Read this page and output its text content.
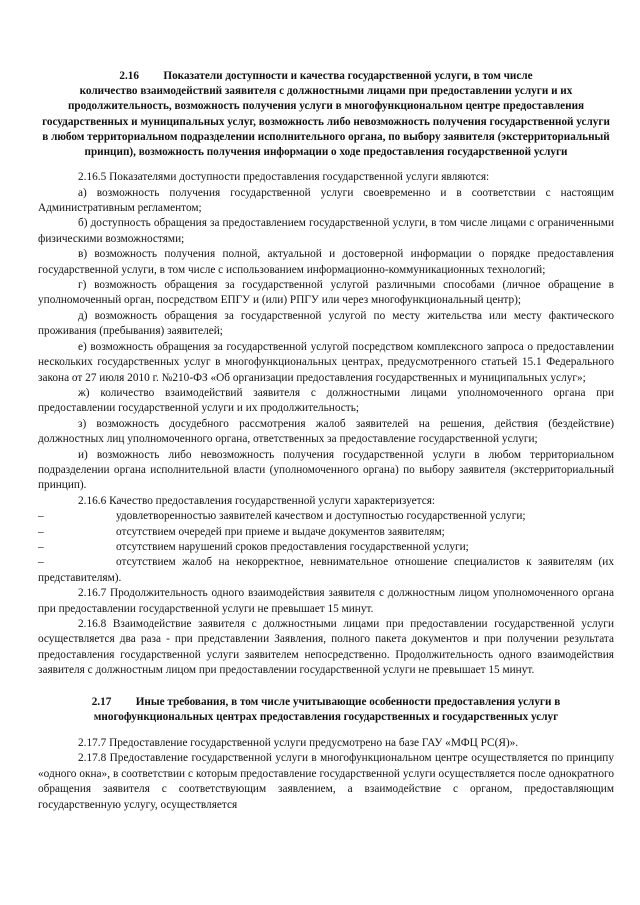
2.16 Показатели доступности и качества государственной услуги, в том числе
количество взаимодействий заявителя с должностными лицами при предоставлении услуги и их продолжительность, возможность получения услуги в многофункциональном центре предоставления государственных и муниципальных услуг, возможность либо невозможность получения государственной услуги в любом территориальном подразделении исполнительного органа, по выбору заявителя (экстерриториальный принцип), возможность получения информации о ходе предоставления государственной услуги

2.16.5 Показателями доступности предоставления государственной услуги являются:

а) возможность получения государственной услуги своевременно и в соответствии с настоящим Административным регламентом;

б) доступность обращения за предоставлением государственной услуги, в том числе лицами с ограниченными физическими возможностями;

в) возможность получения полной, актуальной и достоверной информации о порядке предоставления государственной услуги, в том числе с использованием информационно-коммуникационных технологий;

г) возможность обращения за государственной услугой различными способами (личное обращение в уполномоченный орган, посредством ЕПГУ и (или) РПГУ или через многофункциональный центр);

д) возможность обращения за государственной услугой по месту жительства или месту фактического проживания (пребывания) заявителей;

е) возможность обращения за государственной услугой посредством комплексного запроса о предоставлении нескольких государственных услуг в многофункциональных центрах, предусмотренного статьей 15.1 Федерального закона от 27 июля 2010 г. №210-ФЗ «Об организации предоставления государственных и муниципальных услуг»;

ж) количество взаимодействий заявителя с должностными лицами уполномоченного органа при предоставлении государственной услуги и их продолжительность;

з) возможность досудебного рассмотрения жалоб заявителей на решения, действия (бездействие) должностных лиц уполномоченного органа, ответственных за предоставление государственной услуги;

и) возможность либо невозможность получения государственной услуги в любом территориальном подразделении органа исполнительной власти (уполномоченного органа) по выбору заявителя (экстерриториальный принцип).

2.16.6 Качество предоставления государственной услуги характеризуется:

–	удовлетворенностью заявителей качеством и доступностью государственной услуги;
–	отсутствием очередей при приеме и выдаче документов заявителям;
–	отсутствием нарушений сроков предоставления государственной услуги;

–	отсутствием жалоб на некорректное, невнимательное отношение специалистов к заявителям (их представителям).

2.16.7 Продолжительность одного взаимодействия заявителя с должностным лицом уполномоченного органа при предоставлении государственной услуги не превышает 15 минут.

2.16.8 Взаимодействие заявителя с должностными лицами при предоставлении государственной услуги осуществляется два раза - при представлении Заявления, полного пакета документов и при получении результата предоставления государственной услуги заявителем непосредственно. Продолжительность одного взаимодействия заявителя с должностным лицом при предоставлении государственной услуги не превышает 15 минут.

2.17 Иные требования, в том числе учитывающие особенности предоставления услуги в
многофункциональных центрах предоставления государственных и государственных услуг

2.17.7 Предоставление государственной услуги предусмотрено на базе ГАУ «МФЦ РС(Я)».

2.17.8 Предоставление государственной услуги в многофункциональном центре осуществляется по принципу «одного окна», в соответствии с которым предоставление государственной услуги осуществляется после однократного обращения заявителя с соответствующим заявлением, а взаимодействие с органом, предоставляющим государственную услугу, осуществляется
